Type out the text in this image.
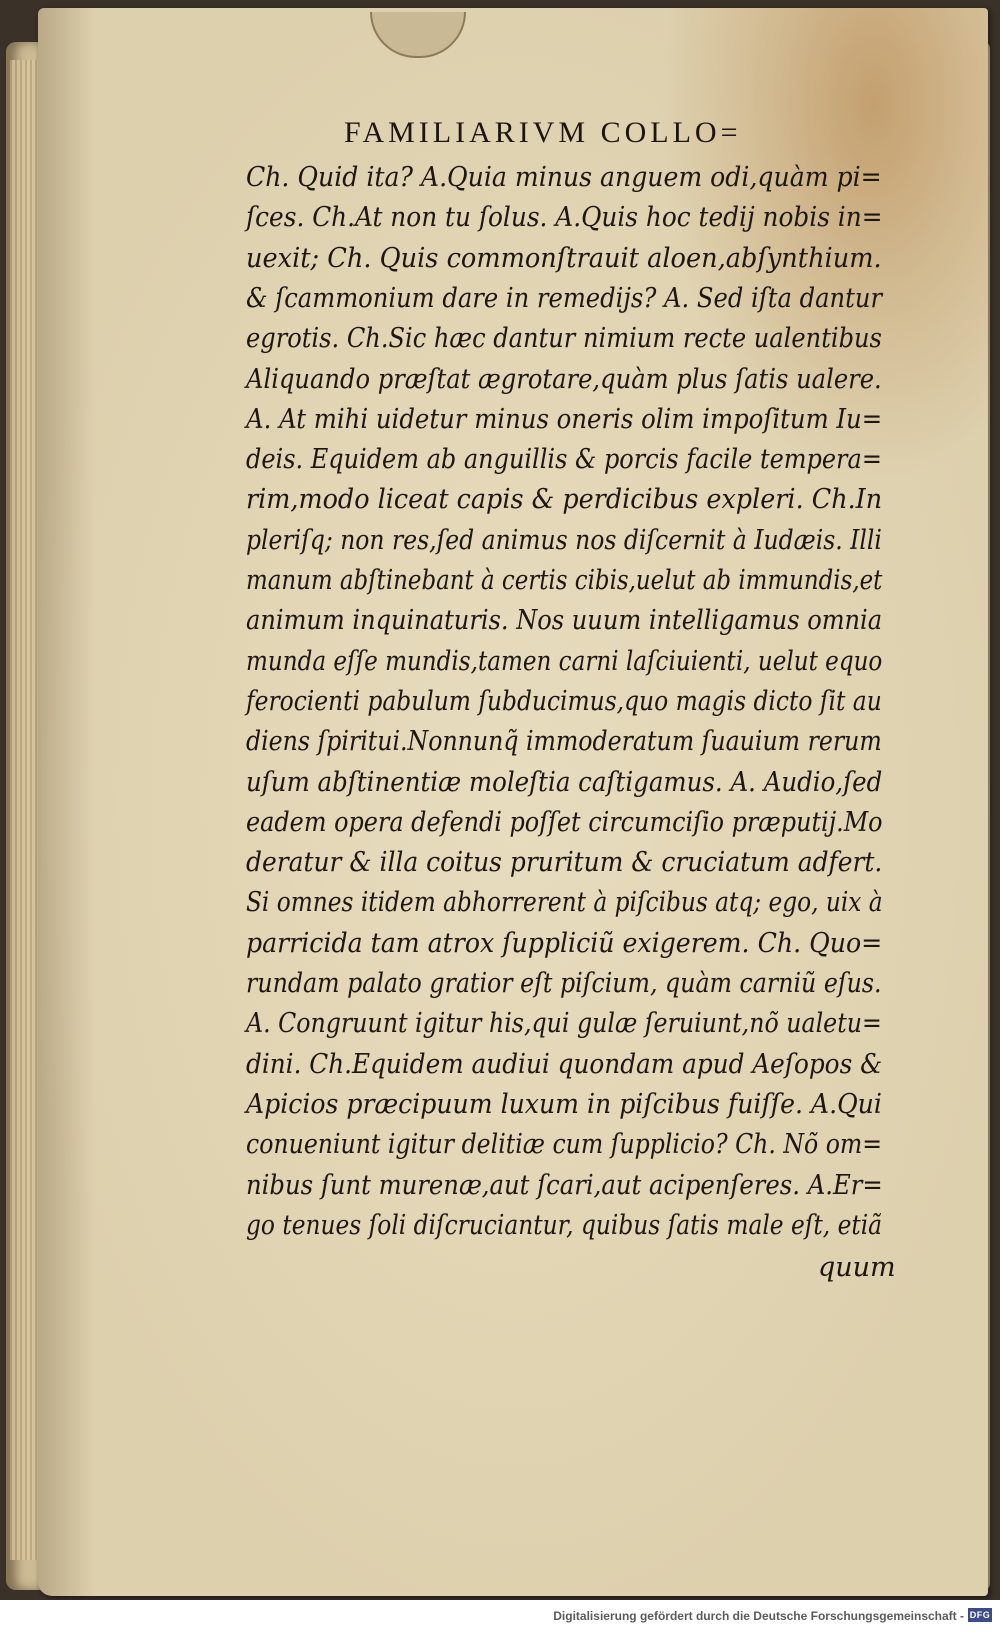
FAMILIARIVM COLLO=
Ch. Quid ita? A.Quia minus anguem odi,quàm pi=
ſces. Ch.At non tu ſolus. A.Quis hoc tedij nobis in=
uexit; Ch. Quis commonſtrauit aloen,abſynthium.
& ſcammonium dare in remedijs? A. Sed iſta dantur
egrotis. Ch.Sic hæc dantur nimium recte ualentibus
Aliquando præſtat ægrotare,quàm plus ſatis ualere.
A. At mihi uidetur minus oneris olim impoſitum Iu=
deis. Equidem ab anguillis & porcis facile tempera=
rim,modo liceat capis & perdicibus expleri. Ch.In
pleriſq; non res,ſed animus nos diſcernit à Iudæis. Illi
manum abſtinebant à certis cibis,uelut ab immundis,et
animum inquinaturis. Nos uuum intelligamus omnia
munda eſſe mundis,tamen carni laſciuienti, uelut equo
ferocienti pabulum ſubducimus,quo magis dicto ſit au
diens ſpiritui.Nonnunq̃ immoderatum ſuauium rerum
uſum abſtinentiæ moleſtia caſtigamus. A. Audio,ſed
eadem opera defendi poſſet circumciſio præputij.Mo
deratur & illa coitus pruritum & cruciatum adfert.
Si omnes itidem abhorrerent à piſcibus atq; ego, uix à
parricida tam atrox ſuppliciũ exigerem. Ch. Quo=
rundam palato gratior eſt piſcium, quàm carniũ eſus.
A. Congruunt igitur his,qui gulæ ſeruiunt,nõ ualetu=
dini. Ch.Equidem audiui quondam apud Aeſopos &
Apicios præcipuum luxum in piſcibus fuiſſe. A.Qui
conueniunt igitur delitiæ cum ſupplicio? Ch. Nõ om=
nibus ſunt murenæ,aut ſcari,aut acipenſeres. A.Er=
go tenues ſoli diſcruciantur, quibus ſatis male eſt, etiã
quum
Digitalisierung gefördert durch die Deutsche Forschungsgemeinschaft - DFG
